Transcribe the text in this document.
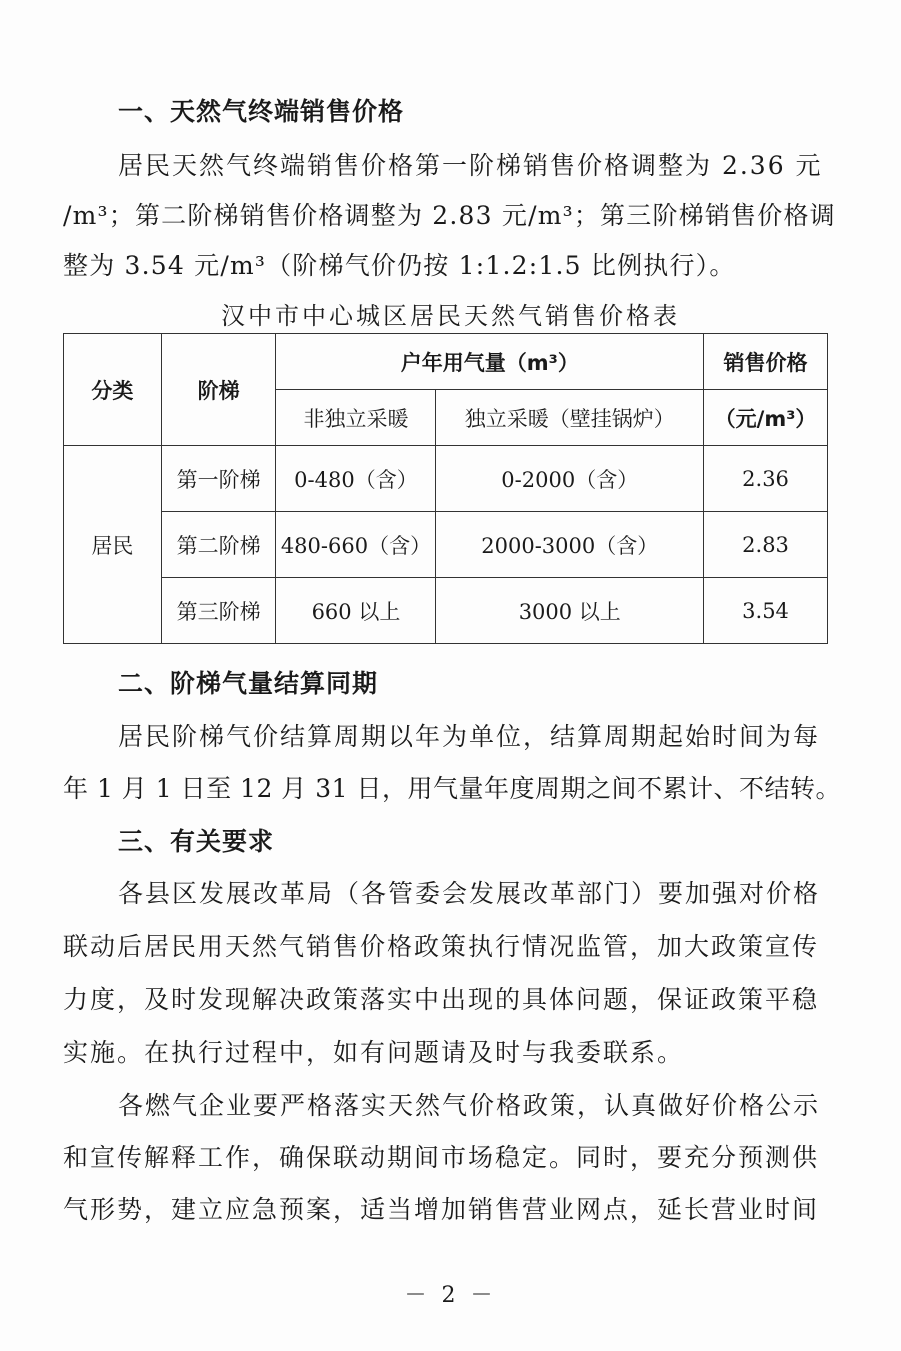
一、天然气终端销售价格
居民天然气终端销售价格第一阶梯销售价格调整为 2.36 元
/m³；第二阶梯销售价格调整为 2.83 元/m³；第三阶梯销售价格调
整为 3.54 元/m³（阶梯气价仍按 1:1.2:1.5 比例执行）。
汉中市中心城区居民天然气销售价格表
分类	阶梯	户年用气量（m³）		销售价格
		非独立采暖	独立采暖（壁挂锅炉）	（元/m³）
居民	第一阶梯	0-480（含）	0-2000（含）	2.36
	第二阶梯	480-660（含）	2000-3000（含）	2.83
	第三阶梯	660 以上	3000 以上	3.54
二、阶梯气量结算同期
居民阶梯气价结算周期以年为单位，结算周期起始时间为每
年 1 月 1 日至 12 月 31 日，用气量年度周期之间不累计、不结转。
三、有关要求
各县区发展改革局（各管委会发展改革部门）要加强对价格
联动后居民用天然气销售价格政策执行情况监管，加大政策宣传
力度，及时发现解决政策落实中出现的具体问题，保证政策平稳
实施。在执行过程中，如有问题请及时与我委联系。
各燃气企业要严格落实天然气价格政策，认真做好价格公示
和宣传解释工作，确保联动期间市场稳定。同时，要充分预测供
气形势，建立应急预案，适当增加销售营业网点，延长营业时间
－ 2 －
